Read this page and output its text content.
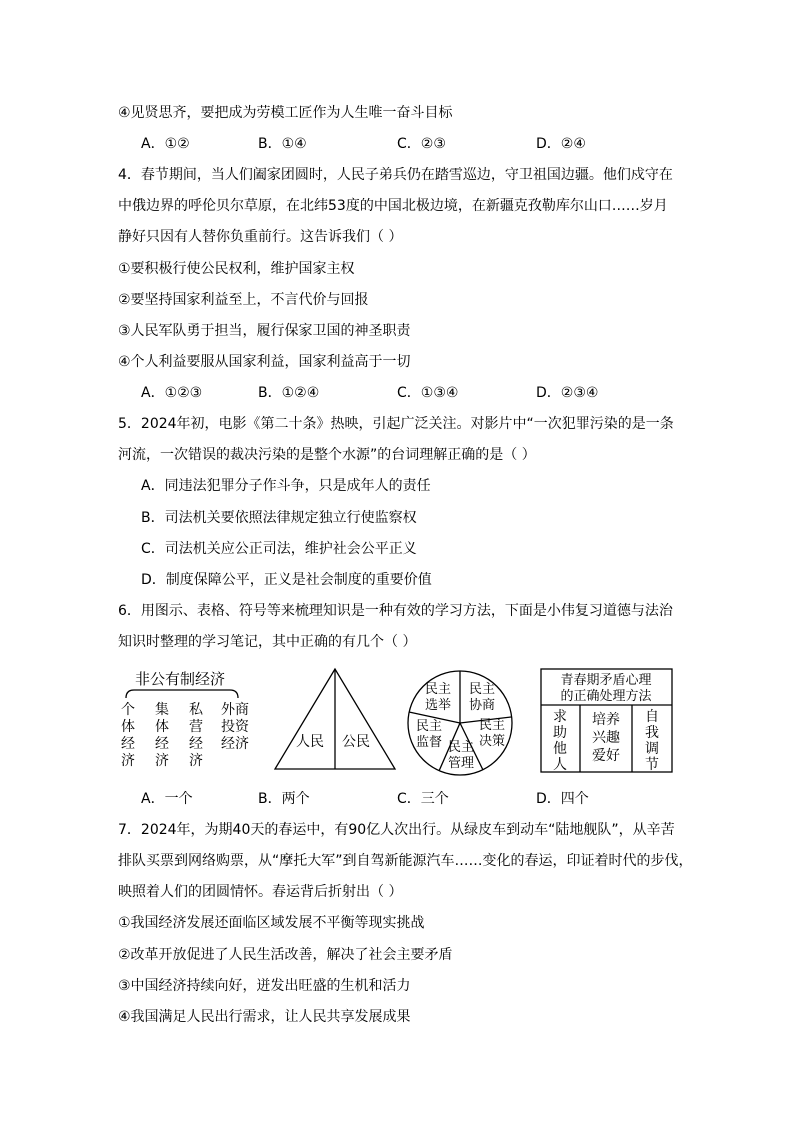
④见贤思齐，要把成为劳模工匠作为人生唯一奋斗目标
A．①②	B．①④	C．②③	D．②④
4．春节期间，当人们阖家团圆时，人民子弟兵仍在踏雪巡边，守卫祖国边疆。他们戍守在
中俄边界的呼伦贝尔草原，在北纬53度的中国北极边境，在新疆克孜勒库尔山口……岁月
静好只因有人替你负重前行。这告诉我们（ ）
①要积极行使公民权利，维护国家主权
②要坚持国家利益至上，不言代价与回报
③人民军队勇于担当，履行保家卫国的神圣职责
④个人利益要服从国家利益，国家利益高于一切
A．①②③	B．①②④	C．①③④	D．②③④
5．2024年初，电影《第二十条》热映，引起广泛关注。对影片中“一次犯罪污染的是一条
河流，一次错误的裁决污染的是整个水源”的台词理解正确的是（ ）
A．同违法犯罪分子作斗争，只是成年人的责任
B．司法机关要依照法律规定独立行使监察权
C．司法机关应公正司法，维护社会公平正义
D．制度保障公平，正义是社会制度的重要价值
6．用图示、表格、符号等来梳理知识是一种有效的学习方法，下面是小伟复习道德与法治
知识时整理的学习笔记，其中正确的有几个（ ）
非公有制经济
个
体
经
济
集
体
经
济
私
营
经
济
外商
投资
经济	人民 公民
民主
选举
民主
协商
民主
决策
民主
管理
民主
监督
青春期矛盾心理
的正确处理方法
求
助
他
人
培养
兴趣
爱好
自
我
调
节
A．一个	B．两个	C．三个	D．四个
7．2024年，为期40天的春运中，有90亿人次出行。从绿皮车到动车“陆地舰队”，从辛苦
排队买票到网络购票，从“摩托大军”到自驾新能源汽车……变化的春运，印证着时代的步伐，
映照着人们的团圆情怀。春运背后折射出（ ）
①我国经济发展还面临区域发展不平衡等现实挑战
②改革开放促进了人民生活改善，解决了社会主要矛盾
③中国经济持续向好，迸发出旺盛的生机和活力
④我国满足人民出行需求，让人民共享发展成果
